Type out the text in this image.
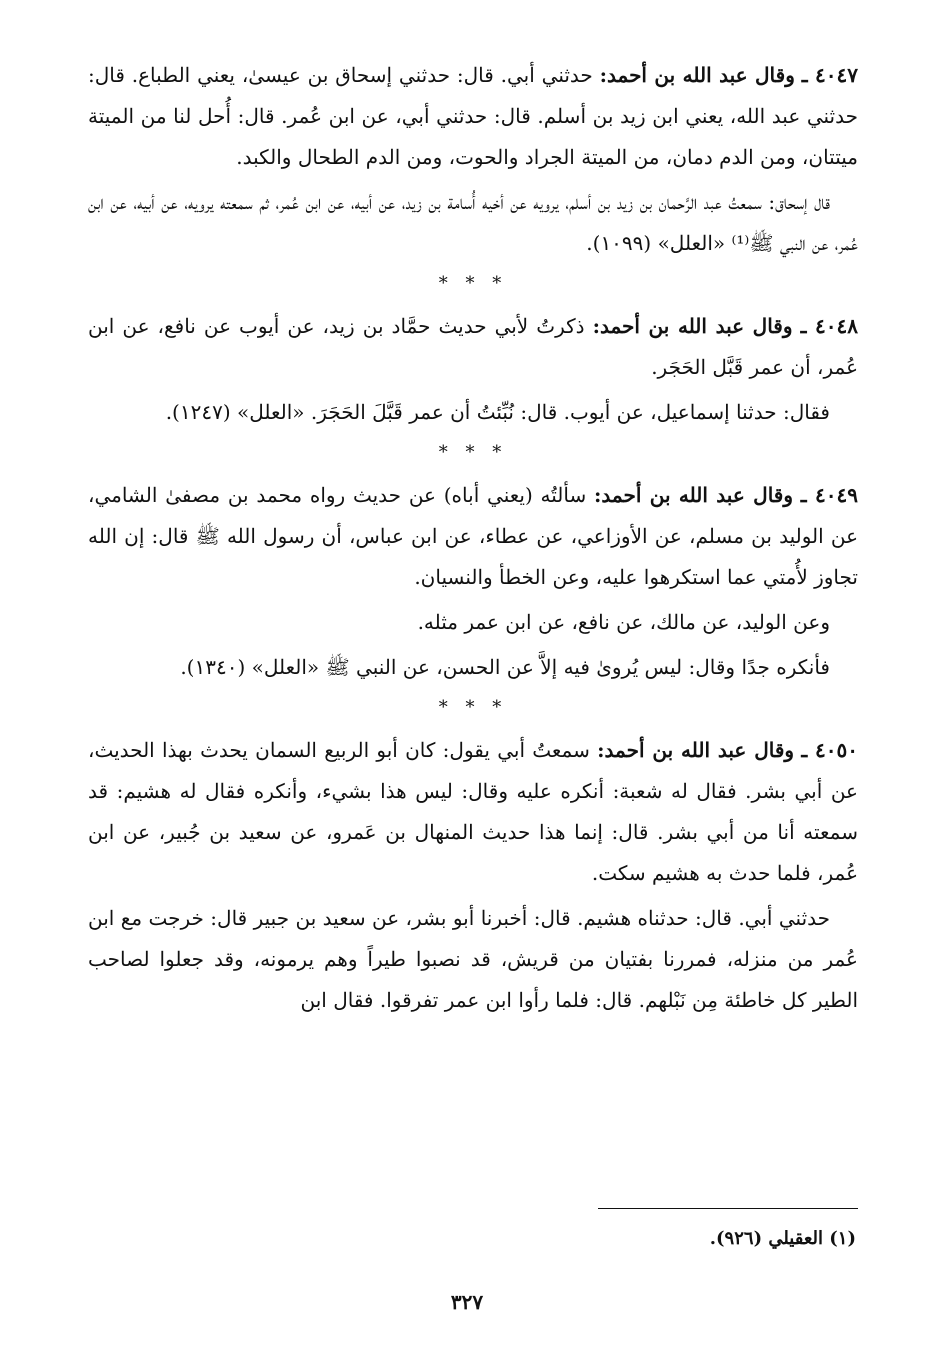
٤٠٤٧ ـ وقال عبد الله بن أحمد: حدثني أبي. قال: حدثني إسحاق بن عيسىٰ، يعني الطباع. قال: حدثني عبد الله، يعني ابن زيد بن أسلم. قال: حدثني أبي، عن ابن عُمر. قال: أُحل لنا من الميتة ميتتان، ومن الدم دمان، من الميتة الجراد والحوت، ومن الدم الطحال والكبد.

قال إسحاق: سمعتُ عبد الرَّحمان بن زيد بن أسلم، يرويه عن أخيه أُسامة بن زيد، عن أبيه، عن ابن عُمر، ثم سمعته يرويه، عن أبيه، عن ابن عُمر، عن النبي ﷺ⁽¹⁾ «العلل» (١٠٩٩).

* * *

٤٠٤٨ ـ وقال عبد الله بن أحمد: ذكرتُ لأبي حديث حمَّاد بن زيد، عن أيوب عن نافع، عن ابن عُمر، أن عمر قَبَّل الحَجَر.

فقال: حدثنا إسماعيل، عن أيوب. قال: نُبِّئتُ أن عمر قَبَّلَ الحَجَرَ. «العلل» (١٢٤٧).

* * *

٤٠٤٩ ـ وقال عبد الله بن أحمد: سألتُه (يعني أباه) عن حديث رواه محمد بن مصفىٰ الشامي، عن الوليد بن مسلم، عن الأوزاعي، عن عطاء، عن ابن عباس، أن رسول الله ﷺ قال: إن الله تجاوز لأُمتي عما استكرهوا عليه، وعن الخطأ والنسيان.

وعن الوليد، عن مالك، عن نافع، عن ابن عمر مثله.

فأنكره جدًا وقال: ليس يُروىٰ فيه إلاَّ عن الحسن، عن النبي ﷺ «العلل» (١٣٤٠).

* * *

٤٠٥٠ ـ وقال عبد الله بن أحمد: سمعتُ أبي يقول: كان أبو الربيع السمان يحدث بهذا الحديث، عن أبي بشر. فقال له شعبة: أنكره عليه وقال: ليس هذا بشيء، وأنكره فقال له هشيم: قد سمعته أنا من أبي بشر. قال: إنما هذا حديث المنهال بن عَمرو، عن سعيد بن جُبير، عن ابن عُمر، فلما حدث به هشيم سكت.

حدثني أبي. قال: حدثناه هشيم. قال: أخبرنا أبو بشر، عن سعيد بن جبير قال: خرجت مع ابن عُمر من منزله، فمررنا بفتيان من قريش، قد نصبوا طيراً وهم يرمونه، وقد جعلوا لصاحب الطير كل خاطئة مِن نَبْلهم. قال: فلما رأوا ابن عمر تفرقوا. فقال ابن

(١) العقيلي (٩٢٦).
٣٢٧
